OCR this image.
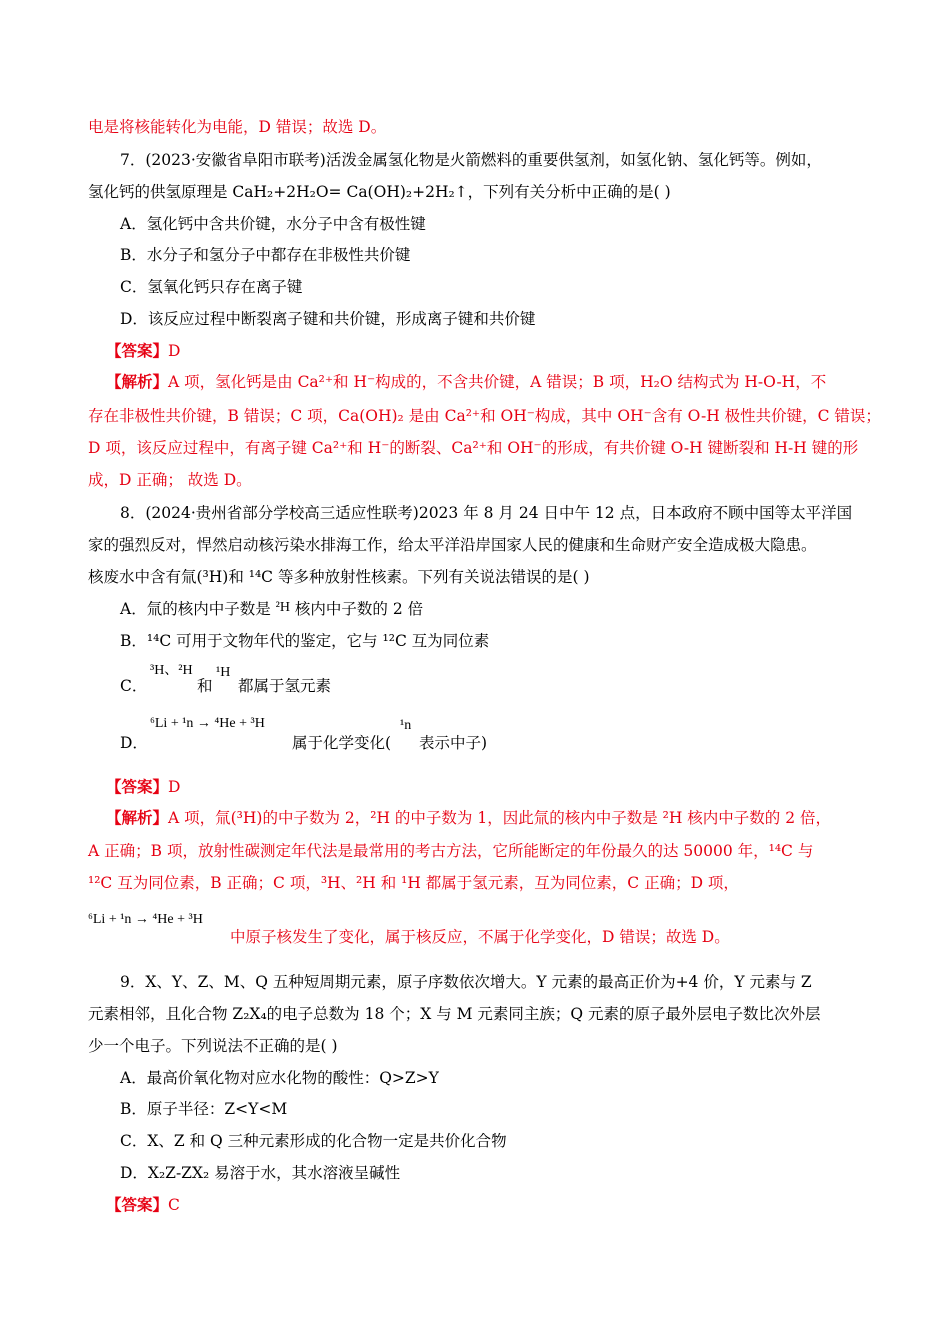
电是将核能转化为电能，D 错误；故选 D。
7．(2023·安徽省阜阳市联考)活泼金属氢化物是火箭燃料的重要供氢剂，如氢化钠、氢化钙等。例如，
氢化钙的供氢原理是 CaH₂+2H₂O= Ca(OH)₂+2H₂↑，下列有关分析中正确的是( )
A．氢化钙中含共价键，水分子中含有极性键
B．水分子和氢分子中都存在非极性共价键
C．氢氧化钙只存在离子键
D．该反应过程中断裂离子键和共价键，形成离子键和共价键
【答案】D
【解析】A 项，氢化钙是由 Ca²⁺和 H⁻构成的，不含共价键，A 错误；B 项，H₂O 结构式为 H-O-H，不
存在非极性共价键，B 错误；C 项，Ca(OH)₂ 是由 Ca²⁺和 OH⁻构成，其中 OH⁻含有 O-H 极性共价键，C 错误；
D 项，该反应过程中，有离子键 Ca²⁺和 H⁻的断裂、Ca²⁺和 OH⁻的形成，有共价键 O-H 键断裂和 H-H 键的形
成，D 正确； 故选 D。
8．(2024·贵州省部分学校高三适应性联考)2023 年 8 月 24 日中午 12 点，日本政府不顾中国等太平洋国
家的强烈反对，悍然启动核污染水排海工作，给太平洋沿岸国家人民的健康和生命财产安全造成极大隐患。
核废水中含有氚(³H)和 ¹⁴C 等多种放射性核素。下列有关说法错误的是( )
A．氚的核内中子数是 ²H 核内中子数的 2 倍
B．¹⁴C 可用于文物年代的鉴定，它与 ¹²C 互为同位素
C．
³H、²H
和
¹H
都属于氢元素
D．
⁶Li + ¹n → ⁴He + ³H
属于化学变化(
¹n
表示中子)
【答案】D
【解析】A 项，氚(³H)的中子数为 2，²H 的中子数为 1，因此氚的核内中子数是 ²H 核内中子数的 2 倍，
A 正确；B 项，放射性碳测定年代法是最常用的考古方法，它所能断定的年份最久的达 50000 年，¹⁴C 与
¹²C 互为同位素，B 正确；C 项，³H、²H 和 ¹H 都属于氢元素，互为同位素，C 正确；D 项，
⁶Li + ¹n → ⁴He + ³H
中原子核发生了变化，属于核反应，不属于化学变化，D 错误；故选 D。
9．X、Y、Z、M、Q 五种短周期元素，原子序数依次增大。Y 元素的最高正价为+4 价，Y 元素与 Z
元素相邻，且化合物 Z₂X₄的电子总数为 18 个；X 与 M 元素同主族；Q 元素的原子最外层电子数比次外层
少一个电子。下列说法不正确的是( )
A．最高价氧化物对应水化物的酸性：Q>Z>Y
B．原子半径：Z<Y<M
C．X、Z 和 Q 三种元素形成的化合物一定是共价化合物
D．X₂Z-ZX₂ 易溶于水，其水溶液呈碱性
【答案】C
